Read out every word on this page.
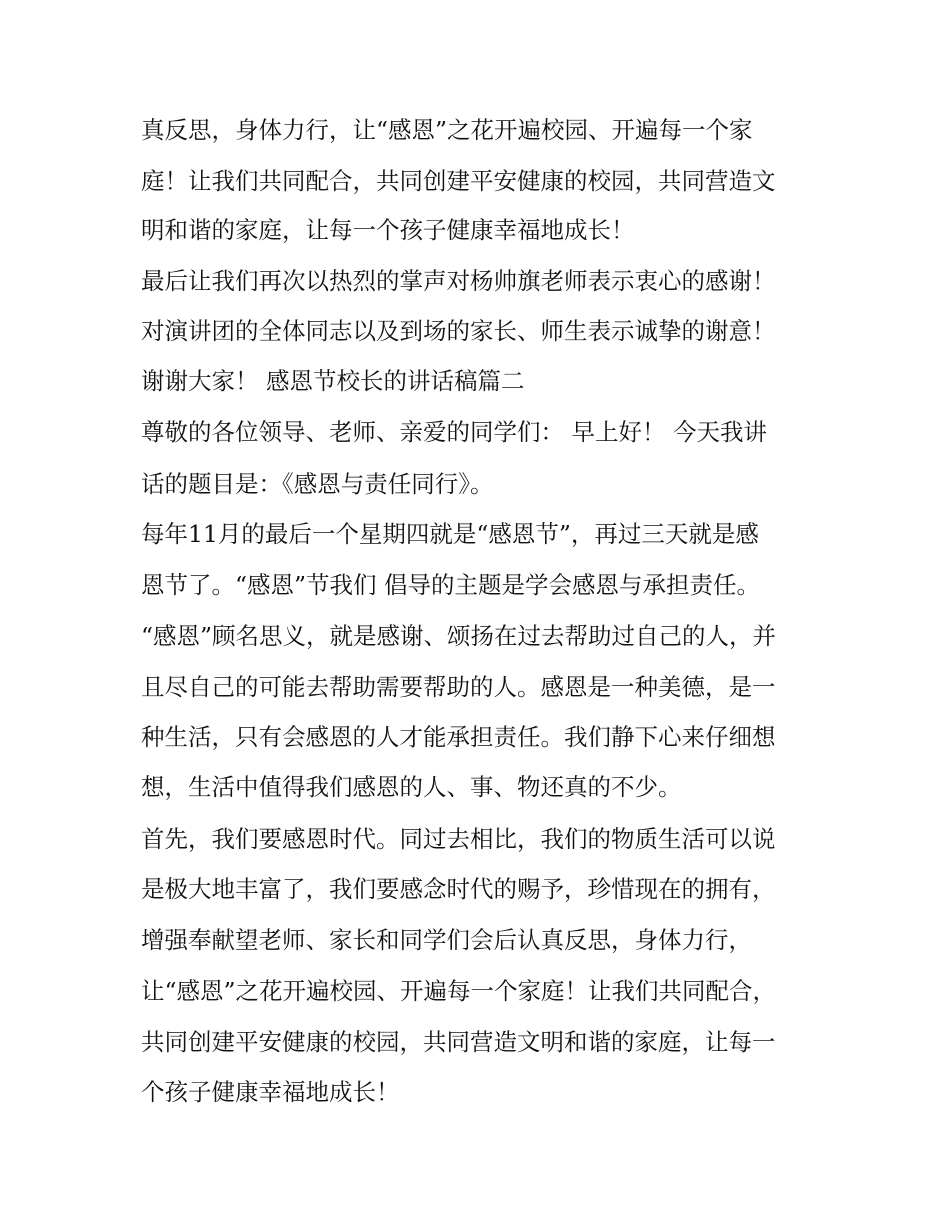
真反思，身体力行，让“感恩”之花开遍校园、开遍每一个家
庭！让我们共同配合，共同创建平安健康的校园，共同营造文
明和谐的家庭，让每一个孩子健康幸福地成长！
最后让我们再次以热烈的掌声对杨帅旗老师表示衷心的感谢！
对演讲团的全体同志以及到场的家长、师生表示诚挚的谢意！
谢谢大家！ 感恩节校长的讲话稿篇二
尊敬的各位领导、老师、亲爱的同学们： 早上好！ 今天我讲
话的题目是：《感恩与责任同行》。
每年11月的最后一个星期四就是“感恩节”，再过三天就是感
恩节了。“感恩”节我们 倡导的主题是学会感恩与承担责任。
“感恩”顾名思义，就是感谢、颂扬在过去帮助过自己的人，并
且尽自己的可能去帮助需要帮助的人。感恩是一种美德，是一
种生活，只有会感恩的人才能承担责任。我们静下心来仔细想
想，生活中值得我们感恩的人、事、物还真的不少。
首先，我们要感恩时代。同过去相比，我们的物质生活可以说
是极大地丰富了，我们要感念时代的赐予，珍惜现在的拥有，
增强奉献望老师、家长和同学们会后认真反思，身体力行，
让“感恩”之花开遍校园、开遍每一个家庭！让我们共同配合，
共同创建平安健康的校园，共同营造文明和谐的家庭，让每一
个孩子健康幸福地成长！
